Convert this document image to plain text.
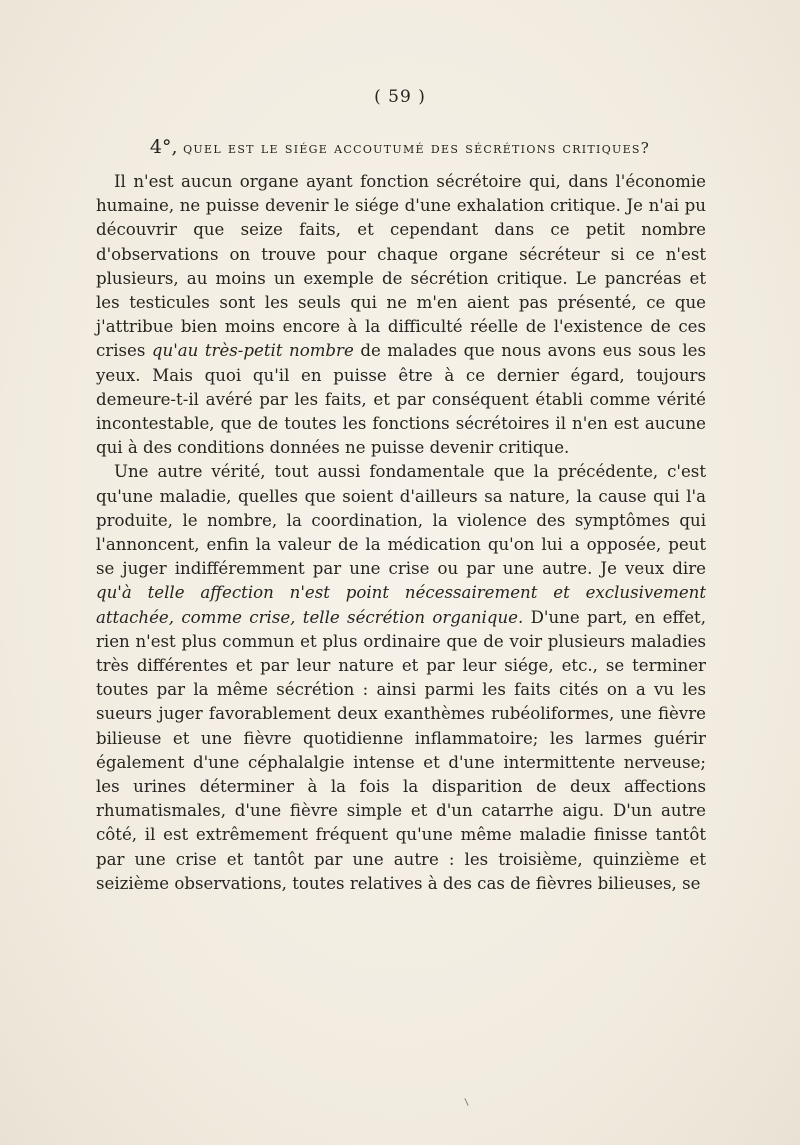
( 59 )
4°, quel est le siége accoutumé des sécrétions critiques?

Il n'est aucun organe ayant fonction sécrétoire qui, dans l'économie humaine, ne puisse devenir le siége d'une exhalation critique. Je n'ai pu découvrir que seize faits, et cependant dans ce petit nombre d'observations on trouve pour chaque organe sécréteur si ce n'est plusieurs, au moins un exemple de sécrétion critique. Le pancréas et les testicules sont les seuls qui ne m'en aient pas présenté, ce que j'attribue bien moins encore à la difficulté réelle de l'existence de ces crises qu'au très-petit nombre de malades que nous avons eus sous les yeux. Mais quoi qu'il en puisse être à ce dernier égard, toujours demeure-t-il avéré par les faits, et par conséquent établi comme vérité incontestable, que de toutes les fonctions sécrétoires il n'en est aucune qui à des conditions données ne puisse devenir critique.

Une autre vérité, tout aussi fondamentale que la précédente, c'est qu'une maladie, quelles que soient d'ailleurs sa nature, la cause qui l'a produite, le nombre, la coordination, la violence des symptômes qui l'annoncent, enfin la valeur de la médication qu'on lui a opposée, peut se juger indifféremment par une crise ou par une autre. Je veux dire qu'à telle affection n'est point nécessairement et exclusivement attachée, comme crise, telle sécrétion organique. D'une part, en effet, rien n'est plus commun et plus ordinaire que de voir plusieurs maladies très différentes et par leur nature et par leur siége, etc., se terminer toutes par la même sécrétion : ainsi parmi les faits cités on a vu les sueurs juger favorablement deux exanthèmes rubéoliformes, une fièvre bilieuse et une fièvre quotidienne inflammatoire; les larmes guérir également d'une céphalalgie intense et d'une intermittente nerveuse; les urines déterminer à la fois la disparition de deux affections rhumatismales, d'une fièvre simple et d'un catarrhe aigu. D'un autre côté, il est extrêmement fréquent qu'une même maladie finisse tantôt par une crise et tantôt par une autre : les troisième, quinzième et seizième observations, toutes relatives à des cas de fièvres bilieuses, se
